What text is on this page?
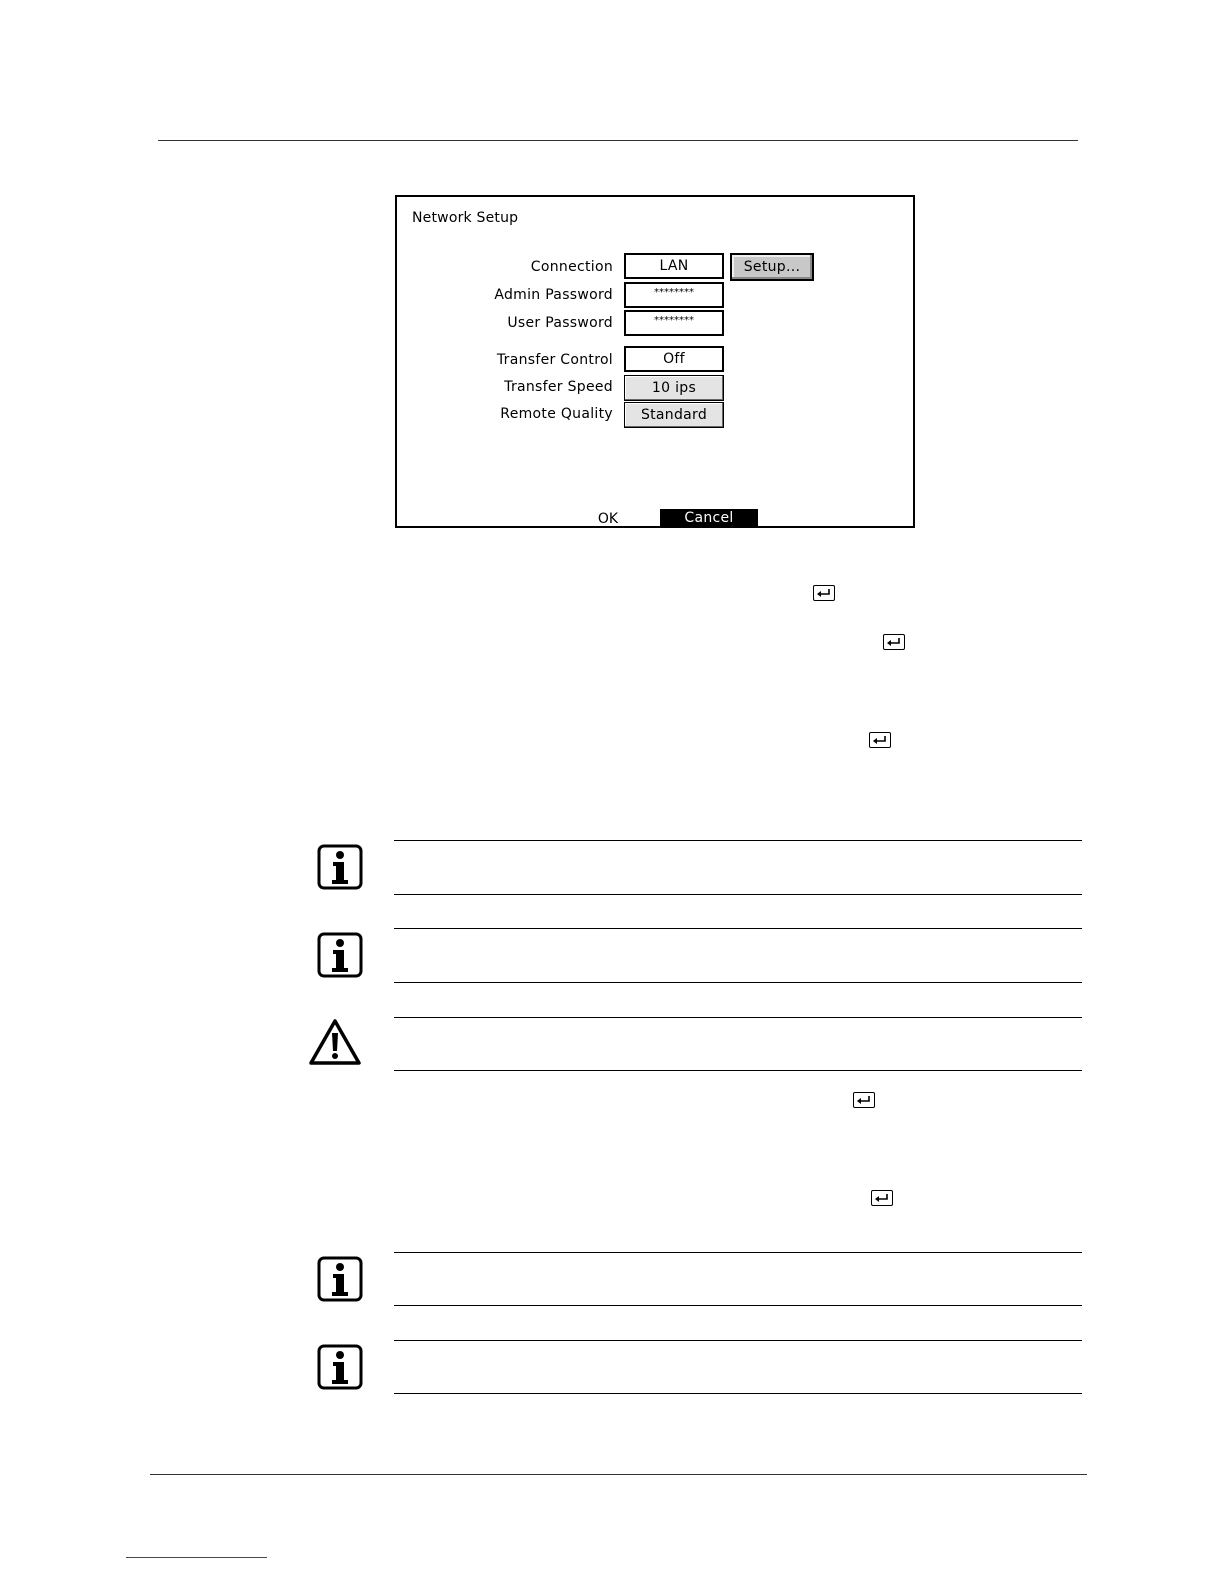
Network Setup
Connection	LAN	Setup...
Admin Password	********
User Password	********
Transfer Control	Off
Transfer Speed	10 ips
Remote Quality	Standard
OK	Cancel
